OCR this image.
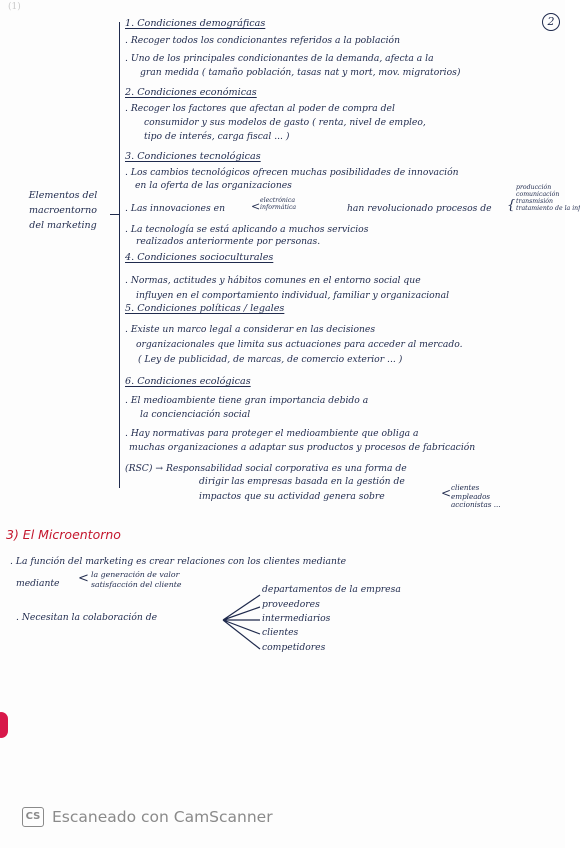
(1)
2
Elementos del
macroentorno
del marketing
1. Condiciones demográficas
. Recoger todos los condicionantes referidos a la población
. Uno de los principales condicionantes de la demanda, afecta a la
gran medida ( tamaño población, tasas nat y mort, mov. migratorios)
2. Condiciones económicas
. Recoger los factores que afectan al poder de compra del
consumidor y sus modelos de gasto ( renta, nivel de empleo,
tipo de interés, carga fiscal ... )
3. Condiciones tecnológicas
. Los cambios tecnológicos ofrecen muchas posibilidades de innovación
en la oferta de las organizaciones
. Las innovaciones en < electrónica
informática	han revolucionado procesos de {
producción
comunicación
transmisión
tratamiento de la inf
. La tecnología se está aplicando a muchos servicios
realizados anteriormente por personas.
4. Condiciones socioculturales
. Normas, actitudes y hábitos comunes en el entorno social que
influyen en el comportamiento individual, familiar y organizacional
5. Condiciones políticas / legales
. Existe un marco legal a considerar en las decisiones
organizacionales que limita sus actuaciones para acceder al mercado.
( Ley de publicidad, de marcas, de comercio exterior ... )
6. Condiciones ecológicas
. El medioambiente tiene gran importancia debido a
la concienciación social
. Hay normativas para proteger el medioambiente que obliga a
muchas organizaciones a adaptar sus productos y procesos de fabricación
(RSC) → Responsabilidad social corporativa es una forma de
dirigir las empresas basada en la gestión de
impactos que su actividad genera sobre	< clientes
empleados
accionistas ...
3) El Microentorno
. La función del marketing es crear relaciones con los clientes mediante
mediante < la generación de valor
satisfacción del cliente
. Necesitan la colaboración de
departamentos de la empresa
proveedores
intermediarios
clientes
competidores
CS Escaneado con CamScanner
